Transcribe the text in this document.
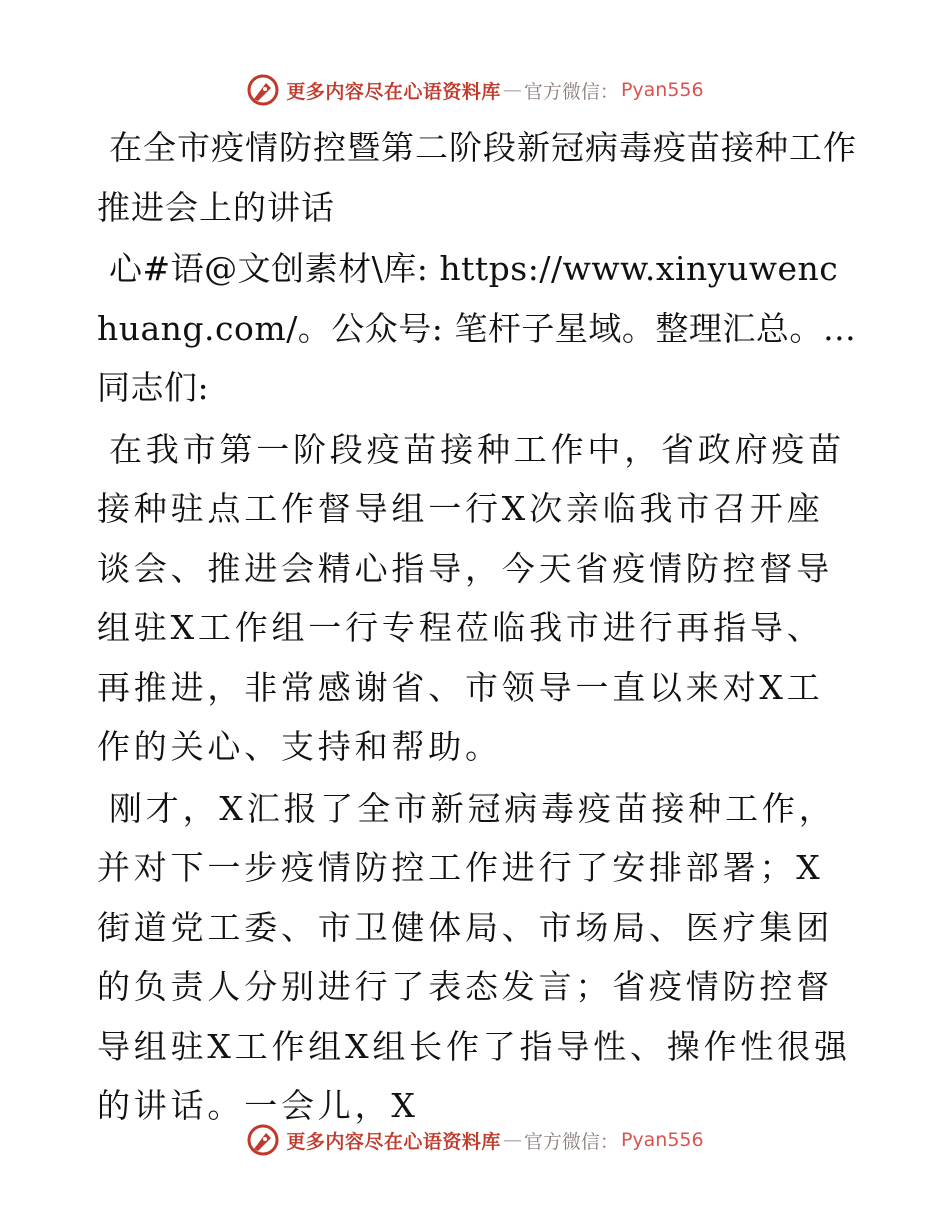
更多内容尽在心语资料库 — 官方微信： Pyan556

在全市疫情防控暨第二阶段新冠病毒疫苗接种工作推进会上的讲话

心#语@文创素材\库: https://www.xinyuwenchuang.com/。公众号: 笔杆子星域。整理汇总。…同志们:

在我市第一阶段疫苗接种工作中，省政府疫苗接种驻点工作督导组一行X次亲临我市召开座谈会、推进会精心指导，今天省疫情防控督导组驻X工作组一行专程莅临我市进行再指导、再推进，非常感谢省、市领导一直以来对X工作的关心、支持和帮助。

刚才，X汇报了全市新冠病毒疫苗接种工作，并对下一步疫情防控工作进行了安排部署；X街道党工委、市卫健体局、市场局、医疗集团的负责人分别进行了表态发言；省疫情防控督导组驻X工作组X组长作了指导性、操作性很强的讲话。一会儿，X

更多内容尽在心语资料库 — 官方微信： Pyan556
